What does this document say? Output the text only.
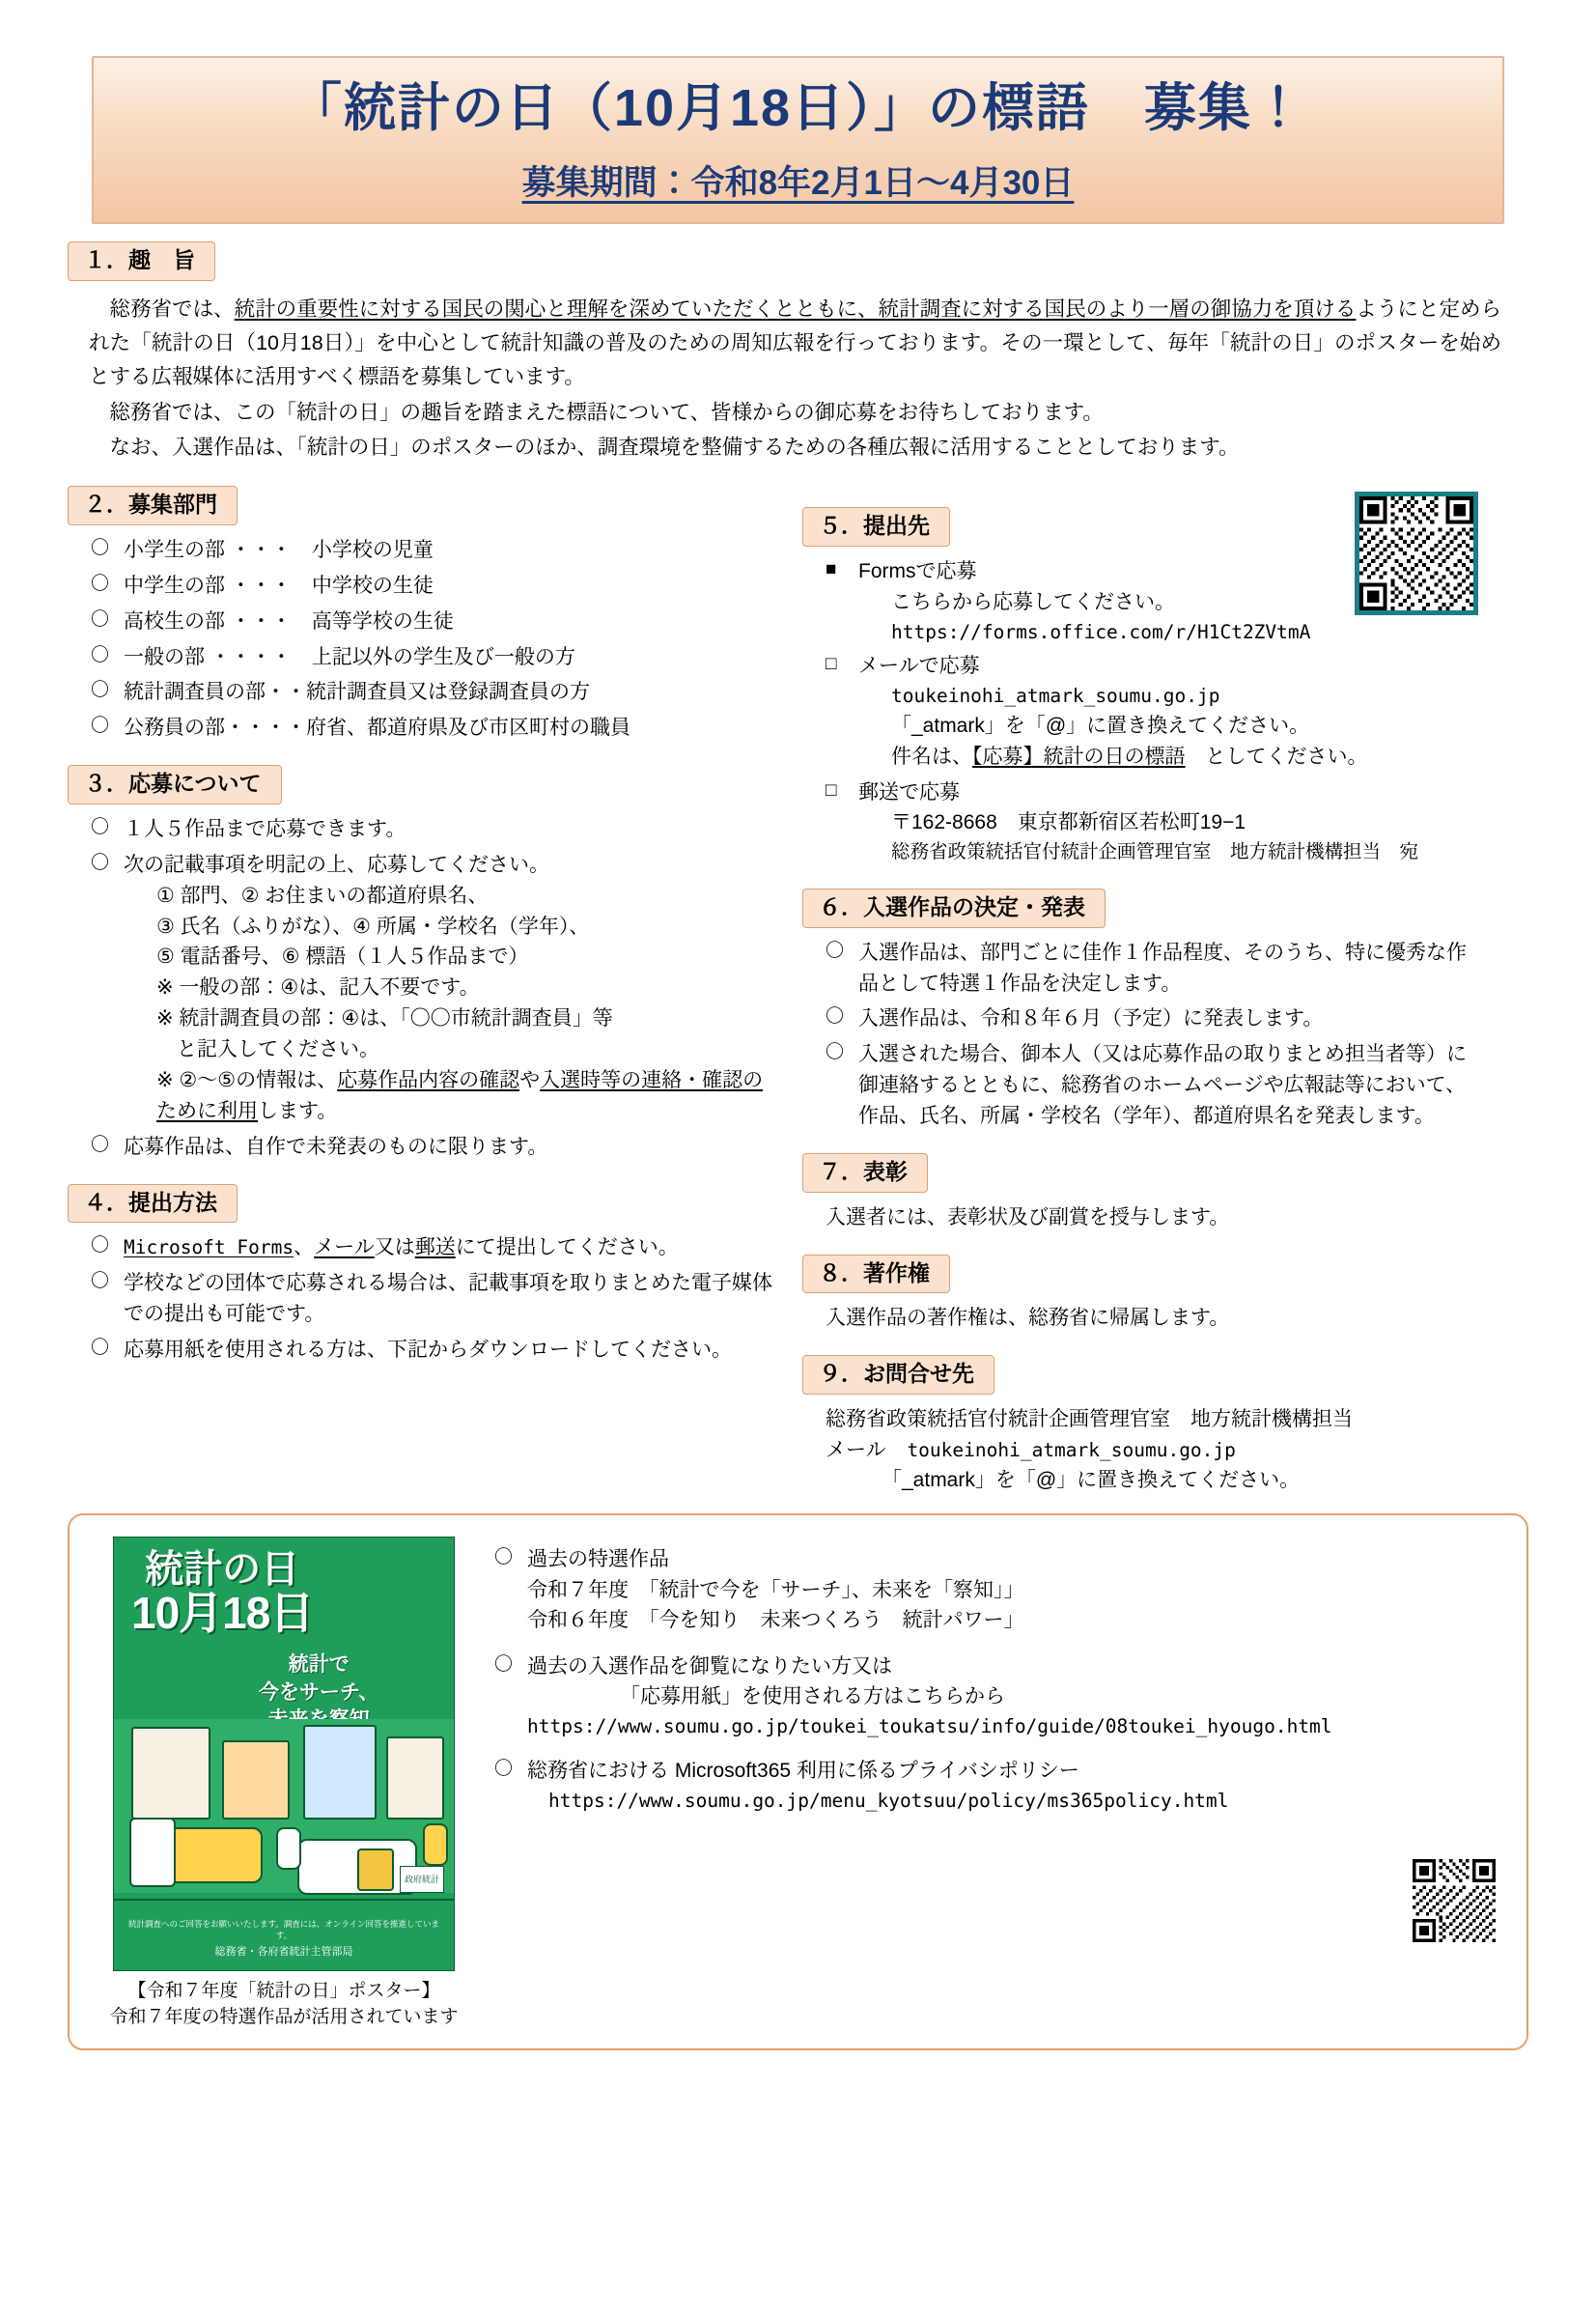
「統計の日（10月18日）」の標語　募集！
募集期間：令和8年2月1日～4月30日
１．趣　旨

　総務省では、統計の重要性に対する国民の関心と理解を深めていただくとともに、統計調査に対する国民のより一層の御協力を頂けるようにと定められた「統計の日（10月18日）」を中心として統計知識の普及のための周知広報を行っております。その一環として、毎年「統計の日」のポスターを始めとする広報媒体に活用すべく標語を募集しています。

　総務省では、この「統計の日」の趣旨を踏まえた標語について、皆様からの御応募をお待ちしております。

　なお、入選作品は、「統計の日」のポスターのほか、調査環境を整備するための各種広報に活用することとしております。

２．募集部門
〇 小学生の部 ・・・　小学校の児童
〇 中学生の部 ・・・　中学校の生徒
〇 高校生の部 ・・・　高等学校の生徒
〇 一般の部 ・・・・　上記以外の学生及び一般の方
〇 統計調査員の部・・統計調査員又は登録調査員の方
〇 公務員の部・・・・府省、都道府県及び市区町村の職員
３．応募について
〇 １人５作品まで応募できます。
〇 次の記載事項を明記の上、応募してください。
① 部門、② お住まいの都道府県名、
③ 氏名（ふりがな）、④ 所属・学校名（学年）、
⑤ 電話番号、⑥ 標語（１人５作品まで）
※ 一般の部：④は、記入不要です。
※ 統計調査員の部：④は、「〇〇市統計調査員」等
　と記入してください。
※ ②～⑤の情報は、応募作品内容の確認や入選時等の連絡・確認のために利用します。
〇 応募作品は、自作で未発表のものに限ります。
４．提出方法
〇 Microsoft Forms、メール又は郵送にて提出してください。
〇 学校などの団体で応募される場合は、記載事項を取りまとめた電子媒体での提出も可能です。
〇 応募用紙を使用される方は、下記からダウンロードしてください。
５．提出先
■ Formsで応募
こちらから応募してください。
https://forms.office.com/r/H1Ct2ZVtmA
□ メールで応募
toukeinohi_atmark_soumu.go.jp
「_atmark」を「@」に置き換えてください。
件名は、【応募】統計の日の標語　としてください。
□ 郵送で応募
〒162-8668　東京都新宿区若松町19−1
総務省政策統括官付統計企画管理官室　地方統計機構担当　宛
６．入選作品の決定・発表
〇 入選作品は、部門ごとに佳作１作品程度、そのうち、特に優秀な作品として特選１作品を決定します。
〇 入選作品は、令和８年６月（予定）に発表します。
〇 入選された場合、御本人（又は応募作品の取りまとめ担当者等）に御連絡するとともに、総務省のホームページや広報誌等において、作品、氏名、所属・学校名（学年）、都道府県名を発表します。
７．表彰
入選者には、表彰状及び副賞を授与します。
８．著作権
入選作品の著作権は、総務省に帰属します。
９．お問合せ先
総務省政策統括官付統計企画管理官室　地方統計機構担当
メール toukeinohi_atmark_soumu.go.jp
「_atmark」を「@」に置き換えてください。
統計の日
10月18日
統計で
今をサーチ、

政府統計
統計調査へのご回答をお願いいたします。調査には、オンライン回答を推進しています。
総務省・各府省統計主管部局
【令和７年度「統計の日」ポスター】
令和７年度の特選作品が活用されています
〇 過去の特選作品
令和７年度　「統計で今を「サーチ」、未来を「察知」」
令和６年度　「今を知り　未来つくろう　統計パワー」
〇 過去の入選作品を御覧になりたい方又は
「応募用紙」を使用される方はこちらから
https://www.soumu.go.jp/toukei_toukatsu/info/guide/08toukei_hyougo.html
〇 総務省における Microsoft365 利用に係るプライバシポリシー
https://www.soumu.go.jp/menu_kyotsuu/policy/ms365policy.html
